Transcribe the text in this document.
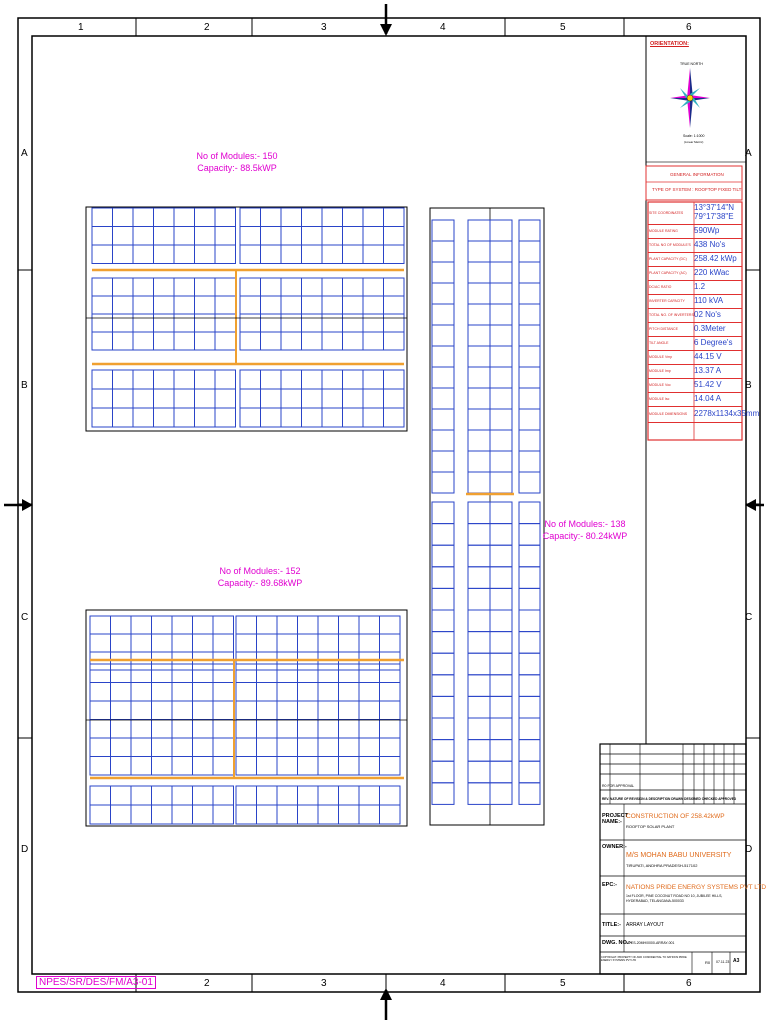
1	2
2
3
3
4
4
5
5
6
6
A	A
B	B
C	C
D	D
No of Modules:- 150
Capacity:- 88.5kWP
No of Modules:- 138
Capacity:- 80.24kWP
No of Modules:- 152
Capacity:- 89.68kWP
ORIENTATION:
TRUE NORTH
Scale: 1:1000
(Linear Metric)
GENERAL INFORMATION
TYPE OF SYSTEM : ROOFTOP FIXED TILT
SITE COORDINATES
13°37'14"N
79°17'38"E
MODULE RATING 590Wp
TOTAL NO OF MODULE'S 438 No's
PLANT CAPACITY (DC) 258.42 kWp
PLANT CAPACITY (AC) 220 kWac
DC/AC RATIO	1.2
INVERTER CAPACITY 110 kVA
TOTAL NO. OF INVERTERS 02 No's
PITCH DISTANCE 0.3Meter
TILT ANGLE	6 Degree's
MODULE Vmp	44.15 V
MODULE Imp	13.37 A
MODULE Voc	51.42 V
MODULE Isc	14.04 A
MODULE DIMENSIONS 2278x1134x35mm
R0 FOR APPROVAL
REV. NATURE OF REVISION & DESCRIPTION DRAWN DESIGNED CHECKED APPROVED
PROJECT NAME:-
CONSTRUCTION OF 258.42kWP
ROOFTOP SOLAR PLANT
OWNER:-
M/S MOHAN BABU UNIVERSITY
TIRUPATI, ANDHRA PRADESH-517102
EPC:- NATIONS PRIDE ENERGY SYSTEMS PVT LTD
1st FLOOR, PINE COCONUT ROAD NO 10, JUBILEE HILLS,
HYDERABAD, TELANGANA-500033
TITLE:- ARRAY LAYOUT
DWG. NO.:-
NPES-20MH/0000-ARRAY-001
COPYRIGHT. PROPERTY OF AND CONFIDENTIAL TO NATIONS PRIDE ENERGY SYSTEMS PVT LTD	R0 07.11.23 A3
NPES/SR/DES/FM/A3-01
